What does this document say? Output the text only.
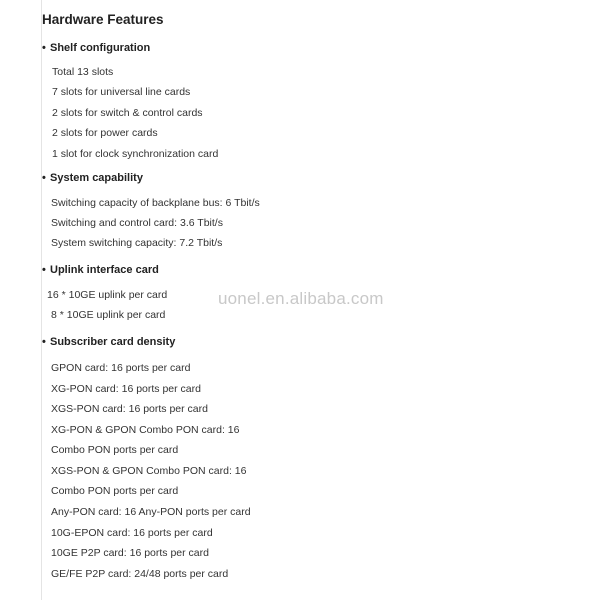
Hardware Features
• Shelf configuration
Total 13 slots
7 slots for universal line cards
2 slots for switch & control cards
2 slots for power cards
1 slot for clock synchronization card
• System capability
Switching capacity of backplane bus: 6 Tbit/s
Switching and control card: 3.6 Tbit/s
System switching capacity: 7.2 Tbit/s
• Uplink interface card
16 * 10GE uplink per card
8 * 10GE uplink per card
• Subscriber card density
GPON card: 16 ports per card
XG-PON card: 16 ports per card
XGS-PON card: 16 ports per card
XG-PON & GPON Combo PON card: 16
Combo PON ports per card
XGS-PON & GPON Combo PON card: 16
Combo PON ports per card
Any-PON card: 16 Any-PON ports per card
10G-EPON card: 16 ports per card
10GE P2P card: 16 ports per card
GE/FE P2P card: 24/48 ports per card
uonel.en.alibaba.com
